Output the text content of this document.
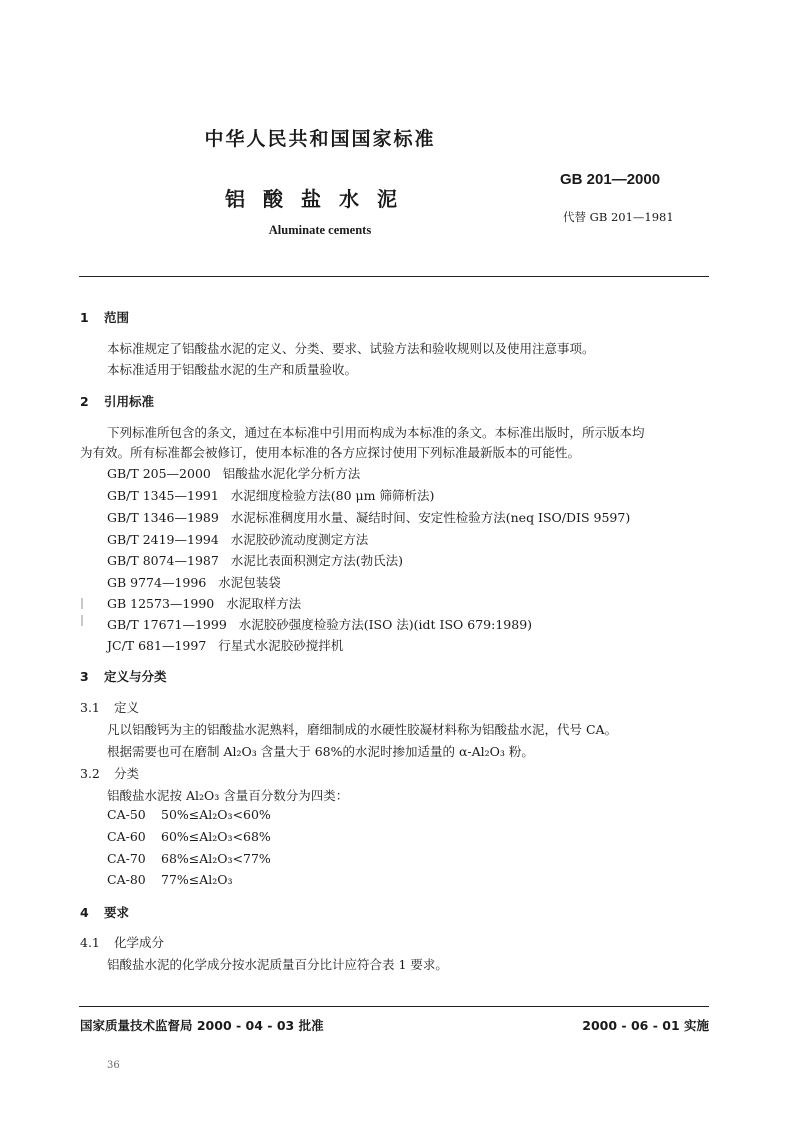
中华人民共和国国家标准
GB 201—2000
铝酸盐水泥
代替 GB 201—1981
Aluminate cements
1 范围
本标准规定了铝酸盐水泥的定义、分类、要求、试验方法和验收规则以及使用注意事项。
本标准适用于铝酸盐水泥的生产和质量验收。
2 引用标准
下列标准所包含的条文，通过在本标准中引用而构成为本标准的条文。本标准出版时，所示版本均
为有效。所有标准都会被修订，使用本标准的各方应探讨使用下列标准最新版本的可能性。
GB/T 205—2000 铝酸盐水泥化学分析方法
GB/T 1345—1991 水泥细度检验方法(80 μm 筛筛析法)
GB/T 1346—1989 水泥标准稠度用水量、凝结时间、安定性检验方法(neq ISO/DIS 9597)
GB/T 2419—1994 水泥胶砂流动度测定方法
GB/T 8074—1987 水泥比表面积测定方法(勃氏法)
GB 9774—1996 水泥包装袋
GB 12573—1990 水泥取样方法
GB/T 17671—1999 水泥胶砂强度检验方法(ISO 法)(idt ISO 679:1989)
JC/T 681—1997 行星式水泥胶砂搅拌机
3 定义与分类
3.1 定义
凡以铝酸钙为主的铝酸盐水泥熟料，磨细制成的水硬性胶凝材料称为铝酸盐水泥，代号 CA。
根据需要也可在磨制 Al₂O₃ 含量大于 68%的水泥时掺加适量的 α-Al₂O₃ 粉。
3.2 分类
铝酸盐水泥按 Al₂O₃ 含量百分数分为四类：
CA-50 50%≤Al₂O₃<60%
CA-60 60%≤Al₂O₃<68%
CA-70 68%≤Al₂O₃<77%
CA-80 77%≤Al₂O₃
4 要求
4.1 化学成分
铝酸盐水泥的化学成分按水泥质量百分比计应符合表 1 要求。
国家质量技术监督局 2000 - 04 - 03 批准	2000 - 06 - 01 实施
36
